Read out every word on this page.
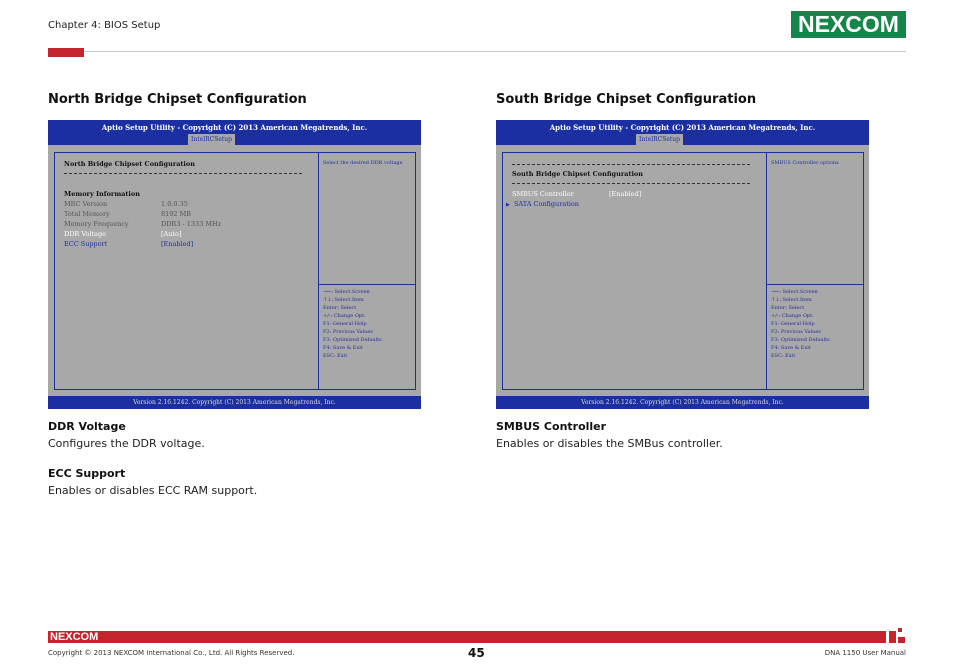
Chapter 4: BIOS Setup	NEXCOM
North Bridge Chipset Configuration	South Bridge Chipset Configuration
Aptio Setup Utility - Copyright (C) 2013 American Megatrends, Inc.
IntelRCSetup
North Bridge Chipset Configuration
Memory Information
MRC Version	1.0.0.35
Total Memory	8192 MB
Memory Frequency	DDR3 - 1333 MHz
DDR Voltage	[Auto]
ECC Support	[Enabled]
Select the desired DDR voltage
→←: Select Screen
↑↓: Select Item
Enter: Select
+/-: Change Opt.
F1: General Help
F2: Previous Values
F3: Optimized Defaults
F4: Save & Exit
ESC: Exit
Version 2.16.1242. Copyright (C) 2013 American Megatrends, Inc.
Aptio Setup Utility - Copyright (C) 2013 American Megatrends, Inc.
IntelRCSetup
South Bridge Chipset Configuration
SMBUS Controller	[Enabled]
▶ SATA Configuration
SMBUS Controller options
→←: Select Screen
↑↓: Select Item
Enter: Select
+/-: Change Opt.
F1: General Help
F2: Previous Values
F3: Optimized Defaults
F4: Save & Exit
ESC: Exit
Version 2.16.1242. Copyright (C) 2013 American Megatrends, Inc.
DDR Voltage
Configures the DDR voltage.
ECC Support
Enables or disables ECC RAM support.
SMBUS Controller
Enables or disables the SMBus controller.
NEXCOM
Copyright © 2013 NEXCOM International Co., Ltd. All Rights Reserved.	45	DNA 1150 User Manual
